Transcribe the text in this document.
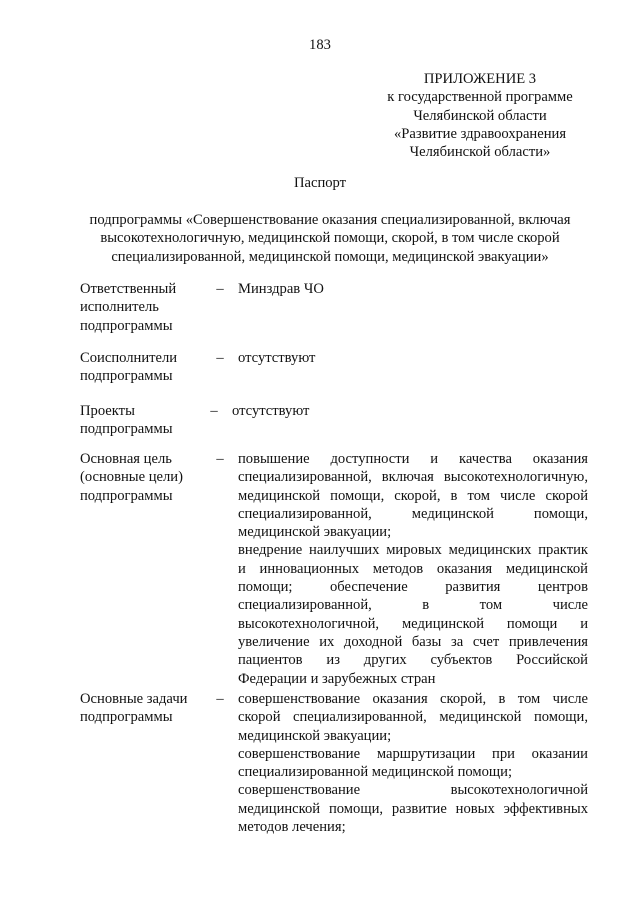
183
ПРИЛОЖЕНИЕ 3
к государственной программе
Челябинской области
«Развитие здравоохранения
Челябинской области»
Паспорт
подпрограммы «Совершенствование оказания специализированной, включая
высокотехнологичную, медицинской помощи, скорой, в том числе скорой
специализированной, медицинской помощи, медицинской эвакуации»
Ответственный
исполнитель
подпрограммы
– Минздрав ЧО
Соисполнители
подпрограммы
– отсутствуют
Проекты
подпрограммы
– отсутствуют
Основная цель
(основные цели)
подпрограммы
– повышение доступности и качества оказания
специализированной, включая высокотехнологичную,
медицинской помощи, скорой, в том числе скорой
специализированной, медицинской помощи,
медицинской эвакуации;
внедрение наилучших мировых медицинских практик
и инновационных методов оказания медицинской
помощи; обеспечение развития центров
специализированной, в том числе
высокотехнологичной, медицинской помощи и
увеличение их доходной базы за счет привлечения
пациентов из других субъектов Российской
Федерации и зарубежных стран
Основные задачи
подпрограммы
– совершенствование оказания скорой, в том числе
скорой специализированной, медицинской помощи,
медицинской эвакуации;
совершенствование маршрутизации при оказании
специализированной медицинской помощи;
совершенствование высокотехнологичной
медицинской помощи, развитие новых эффективных
методов лечения;
